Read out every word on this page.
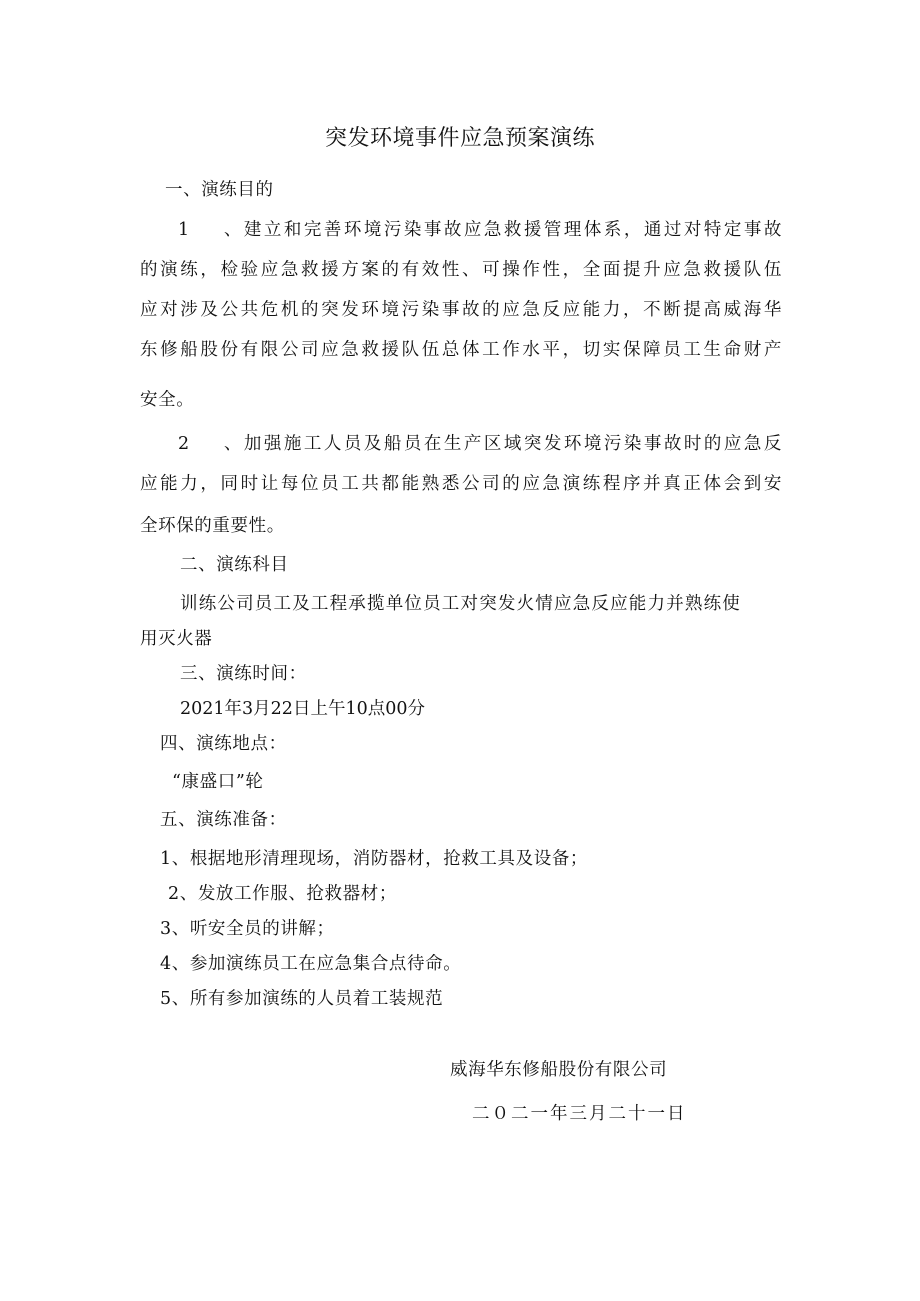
突发环境事件应急预案演练
一、演练目的
1、建立和完善环境污染事故应急救援管理体系，通过对特定事故
的演练，检验应急救援方案的有效性、可操作性，全面提升应急救援队伍
应对涉及公共危机的突发环境污染事故的应急反应能力，不断提高威海华
东修船股份有限公司应急救援队伍总体工作水平，切实保障员工生命财产
安全。
2、加强施工人员及船员在生产区域突发环境污染事故时的应急反
应能力，同时让每位员工共都能熟悉公司的应急演练程序并真正体会到安
全环保的重要性。
二、演练科目
训练公司员工及工程承揽单位员工对突发火情应急反应能力并熟练使
用灭火器
三、演练时间：
2021年3月22日上午10点00分
四、演练地点：
“康盛口”轮
五、演练准备：
1、根据地形清理现场，消防器材，抢救工具及设备；
2、发放工作服、抢救器材；
3、听安全员的讲解；
4、参加演练员工在应急集合点待命。
5、所有参加演练的人员着工装规范
威海华东修船股份有限公司
二０二一年三月二十一日
